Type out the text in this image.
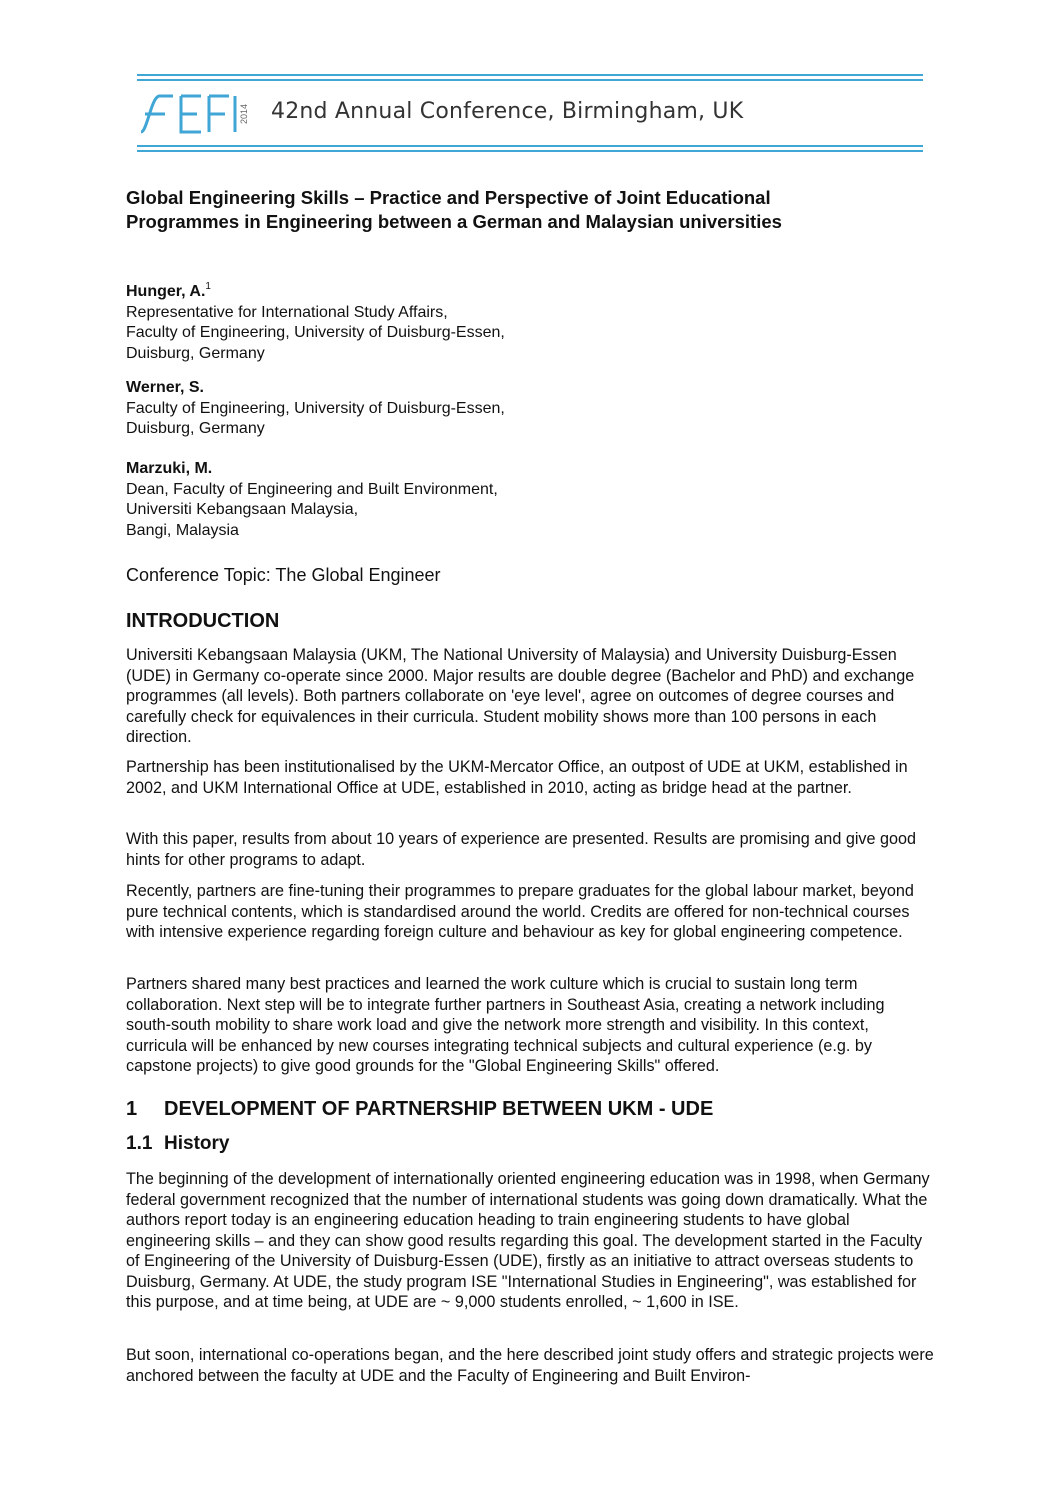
2014 42nd Annual Conference, Birmingham, UK
Global Engineering Skills – Practice and Perspective of Joint Educational
Programmes in Engineering between a German and Malaysian universities
Hunger, A.$^1$
Representative for International Study Affairs,
Faculty of Engineering, University of Duisburg-Essen,
Duisburg, Germany
Werner, S.
Faculty of Engineering, University of Duisburg-Essen,
Duisburg, Germany
Marzuki, M.
Dean, Faculty of Engineering and Built Environment,
Universiti Kebangsaan Malaysia,
Bangi, Malaysia
Conference Topic: The Global Engineer
INTRODUCTION

Universiti Kebangsaan Malaysia (UKM, The National University of Malaysia) and University Duisburg-Essen (UDE) in Germany co-operate since 2000. Major results are double degree (Bachelor and PhD) and exchange programmes (all levels). Both partners collaborate on 'eye level', agree on outcomes of degree courses and carefully check for equivalences in their curricula. Student mobility shows more than 100 persons in each direction.

Partnership has been institutionalised by the UKM-Mercator Office, an outpost of UDE at UKM, established in 2002, and UKM International Office at UDE, established in 2010, acting as bridge head at the partner.

With this paper, results from about 10 years of experience are presented. Results are promising and give good hints for other programs to adapt.

Recently, partners are fine-tuning their programmes to prepare graduates for the global labour market, beyond pure technical contents, which is standardised around the world. Credits are offered for non-technical courses with intensive experience regarding foreign culture and behaviour as key for global engineering competence.

Partners shared many best practices and learned the work culture which is crucial to sustain long term collaboration. Next step will be to integrate further partners in Southeast Asia, creating a network including south-south mobility to share work load and give the network more strength and visibility. In this context, curricula will be enhanced by new courses integrating technical subjects and cultural experience (e.g. by capstone projects) to give good grounds for the "Global Engineering Skills" offered.

1 DEVELOPMENT OF PARTNERSHIP BETWEEN UKM - UDE
1.1 History

The beginning of the development of internationally oriented engineering education was in 1998, when Germany federal government recognized that the number of international students was going down dramatically. What the authors report today is an engineering education heading to train engineering students to have global engineering skills – and they can show good results regarding this goal. The development started in the Faculty of Engineering of the University of Duisburg-Essen (UDE), firstly as an initiative to attract overseas students to Duisburg, Germany. At UDE, the study program ISE "International Studies in Engineering", was established for this purpose, and at time being, at UDE are ~ 9,000 students enrolled, ~ 1,600 in ISE.

But soon, international co-operations began, and the here described joint study offers and strategic projects were anchored between the faculty at UDE and the Faculty of Engineering and Built Environ-
